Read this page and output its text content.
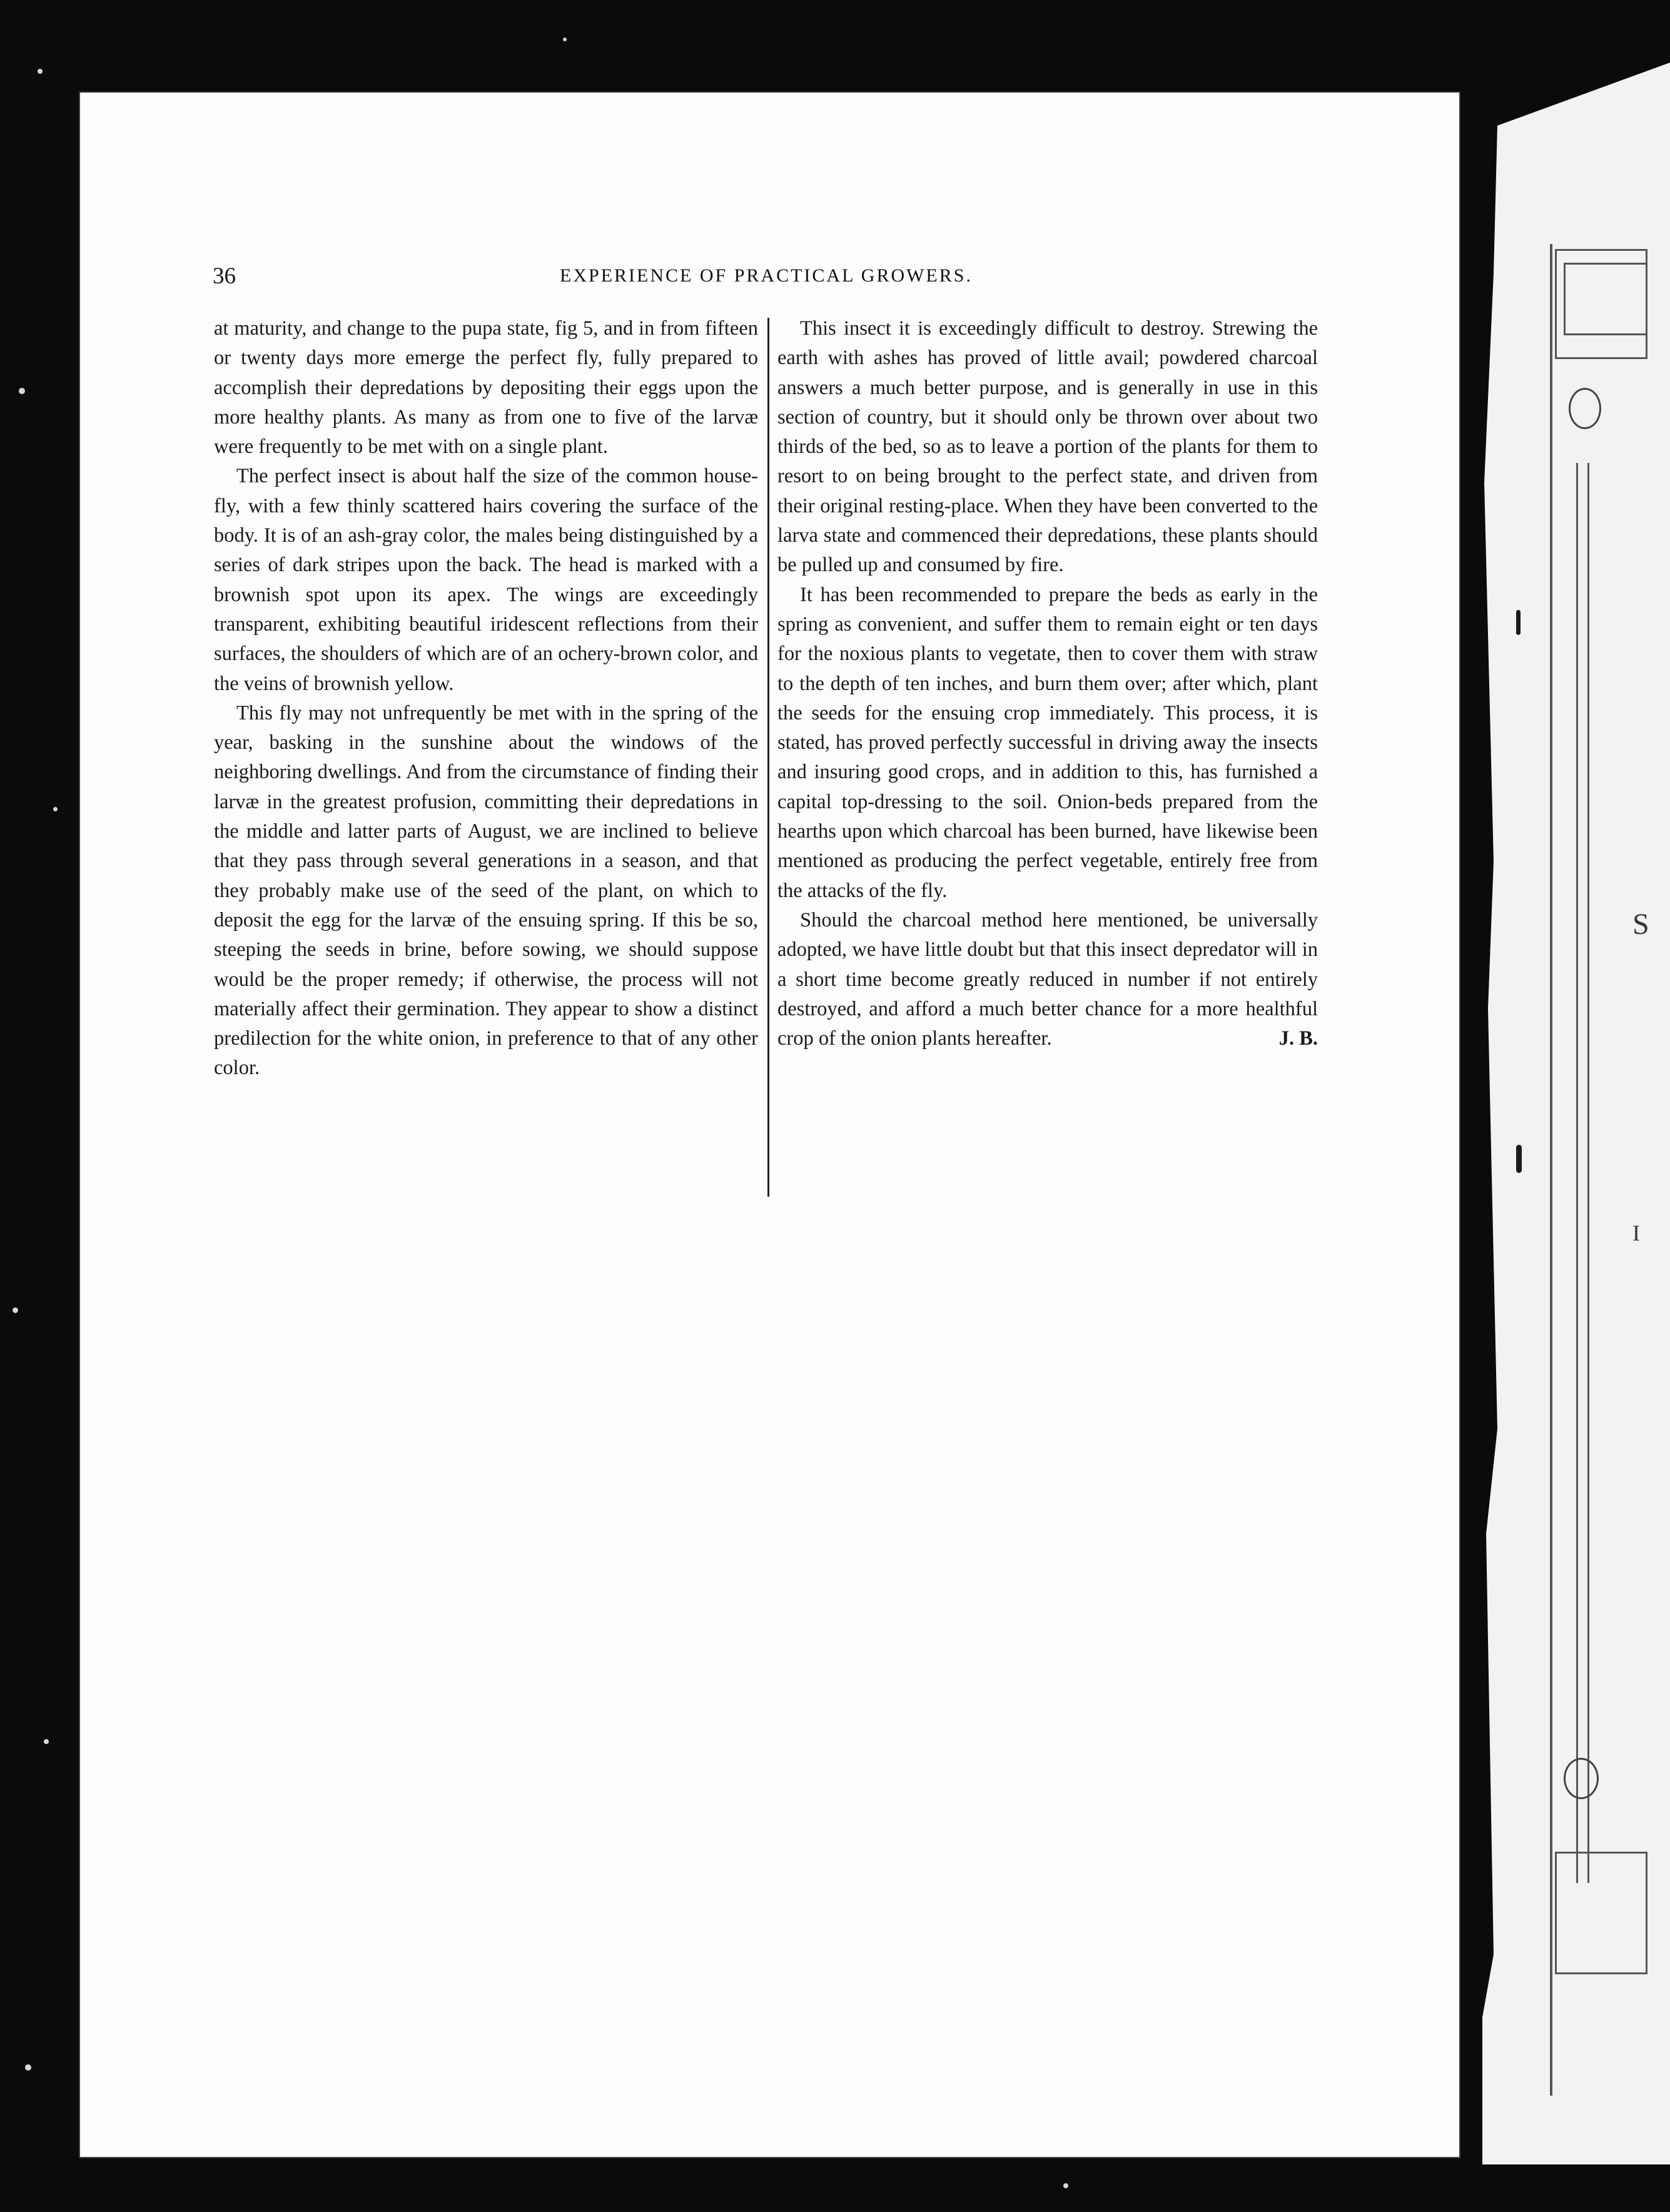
S
I
36	EXPERIENCE OF PRACTICAL GROWERS.

at maturity, and change to the pupa state, fig 5, and in from fifteen or twenty days more emerge the perfect fly, fully prepared to accomplish their depredations by depositing their eggs upon the more healthy plants. As many as from one to five of the larvæ were frequently to be met with on a single plant.

The perfect insect is about half the size of the common house-fly, with a few thinly scattered hairs covering the surface of the body. It is of an ash-gray color, the males being distinguished by a series of dark stripes upon the back. The head is marked with a brownish spot upon its apex. The wings are exceedingly transparent, exhibiting beautiful iridescent reflections from their surfaces, the shoulders of which are of an ochery-brown color, and the veins of brownish yellow.

This fly may not unfrequently be met with in the spring of the year, basking in the sunshine about the windows of the neighboring dwellings. And from the circumstance of finding their larvæ in the greatest profusion, committing their depredations in the middle and latter parts of August, we are inclined to believe that they pass through several generations in a season, and that they probably make use of the seed of the plant, on which to deposit the egg for the larvæ of the ensuing spring. If this be so, steeping the seeds in brine, before sowing, we should suppose would be the proper remedy; if otherwise, the process will not materially affect their germination. They appear to show a distinct predilection for the white onion, in preference to that of any other color.

This insect it is exceedingly difficult to destroy. Strewing the earth with ashes has proved of little avail; powdered charcoal answers a much better purpose, and is generally in use in this section of country, but it should only be thrown over about two thirds of the bed, so as to leave a portion of the plants for them to resort to on being brought to the perfect state, and driven from their original resting-place. When they have been converted to the larva state and commenced their depredations, these plants should be pulled up and consumed by fire.

It has been recommended to prepare the beds as early in the spring as convenient, and suffer them to remain eight or ten days for the noxious plants to vegetate, then to cover them with straw to the depth of ten inches, and burn them over; after which, plant the seeds for the ensuing crop immediately. This process, it is stated, has proved perfectly successful in driving away the insects and insuring good crops, and in addition to this, has furnished a capital top-dressing to the soil. Onion-beds prepared from the hearths upon which charcoal has been burned, have likewise been mentioned as producing the perfect vegetable, entirely free from the attacks of the fly.

Should the charcoal method here mentioned, be universally adopted, we have little doubt but that this insect depredator will in a short time become greatly reduced in number if not entirely destroyed, and afford a much better chance for a more healthful crop of the onion plants hereafter.	J. B.
